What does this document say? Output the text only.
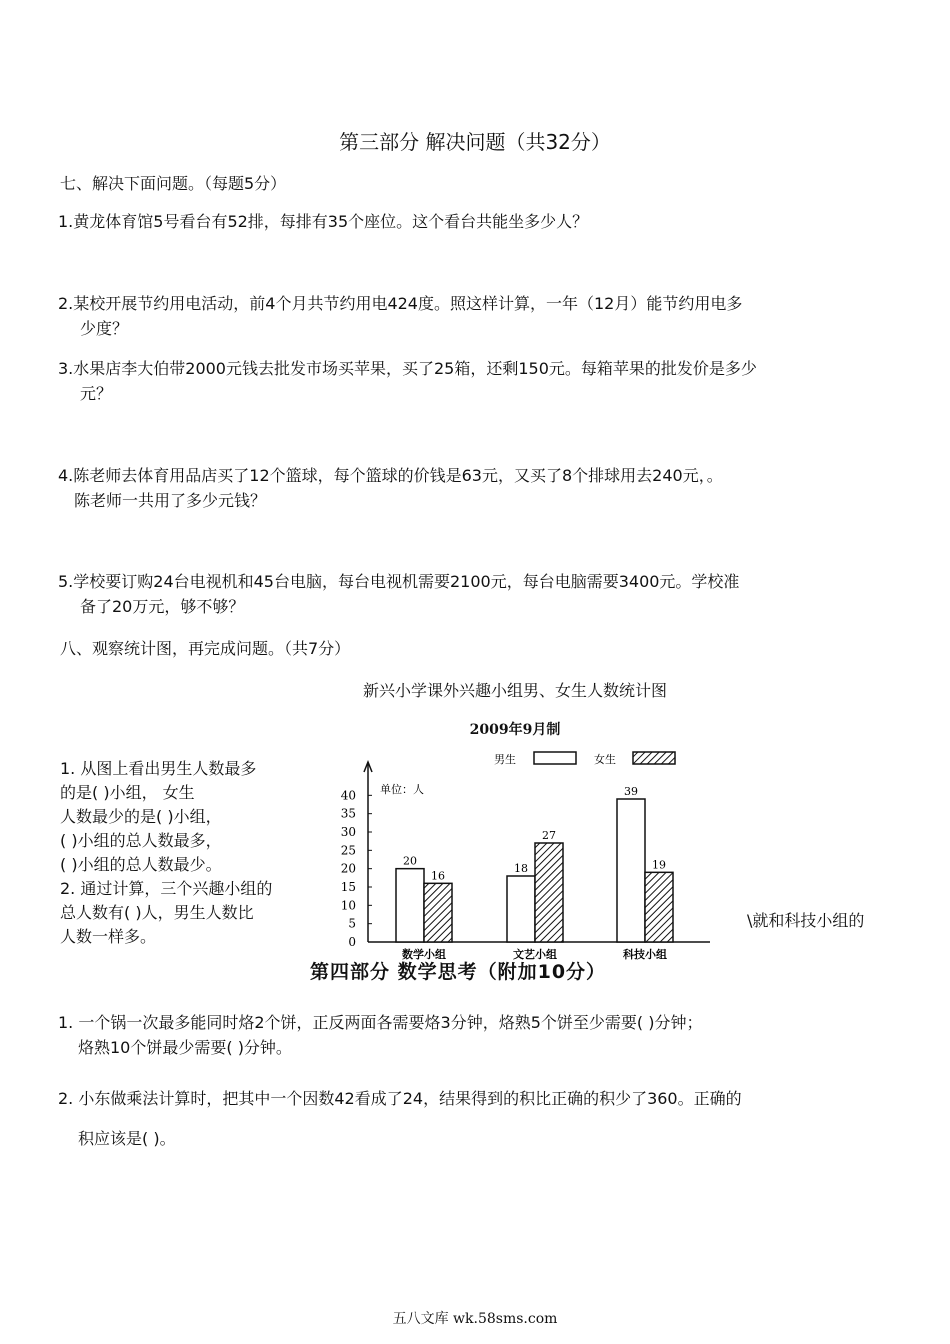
第三部分 解决问题（共32分）
七、解决下面问题。（每题5分）
1.黄龙体育馆5号看台有52排，每排有35个座位。这个看台共能坐多少人？
2.某校开展节约用电活动，前4个月共节约用电424度。照这样计算，一年（12月）能节约用电多
少度？
3.水果店李大伯带2000元钱去批发市场买苹果，买了25箱，还剩150元。每箱苹果的批发价是多少
元？
4.陈老师去体育用品店买了12个篮球，每个篮球的价钱是63元，又买了8个排球用去240元，。
陈老师一共用了多少元钱？
5.学校要订购24台电视机和45台电脑，每台电视机需要2100元，每台电脑需要3400元。学校准
备了20万元，够不够？
八、观察统计图，再完成问题。（共7分）
新兴小学课外兴趣小组男、女生人数统计图
2009年9月制
1. 从图上看出男生人数最多
的是( )小组， 女生
人数最少的是( )小组，
( )小组的总人数最多，
( )小组的总人数最少。
2. 通过计算，三个兴趣小组的
总人数有( )人，男生人数比
人数一样多。
男生	女生
0
5
10
15
20
25
30
35
40 单位：人
20
16
数学小组
18
27
文艺小组
39
19
科技小组
\就和科技小组的
第四部分 数学思考（附加10分）
1. 一个锅一次最多能同时烙2个饼，正反两面各需要烙3分钟，烙熟5个饼至少需要( )分钟；
烙熟10个饼最少需要( )分钟。
2. 小东做乘法计算时，把其中一个因数42看成了24，结果得到的积比正确的积少了360。正确的
积应该是( )。
五八文库 wk.58sms.com
